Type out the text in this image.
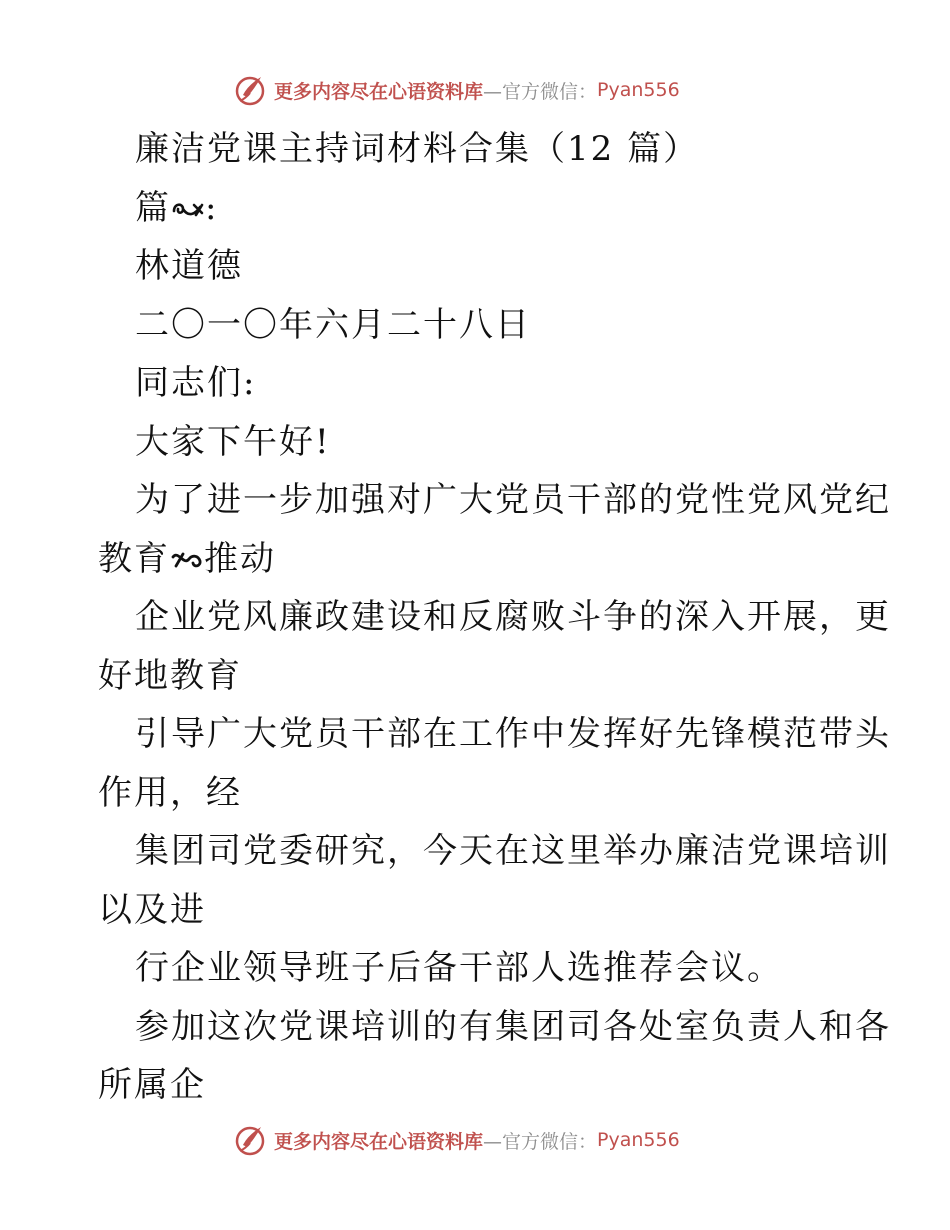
更多内容尽在心语资料库 —官方微信： Pyan556
廉洁党课主持词材料合集（12 篇）
篇 :
林道德
二〇一〇年六月二十八日
同志们:
大家下午好!
为了进一步加强对广大党员干部的党性党风党纪
教育 推动
企业党风廉政建设和反腐败斗争的深入开展，更
好地教育
引导广大党员干部在工作中发挥好先锋模范带头
作用，经
集团司党委研究，今天在这里举办廉洁党课培训
以及进
行企业领导班子后备干部人选推荐会议。
参加这次党课培训的有集团司各处室负责人和各
所属企
更多内容尽在心语资料库 —官方微信： Pyan556
